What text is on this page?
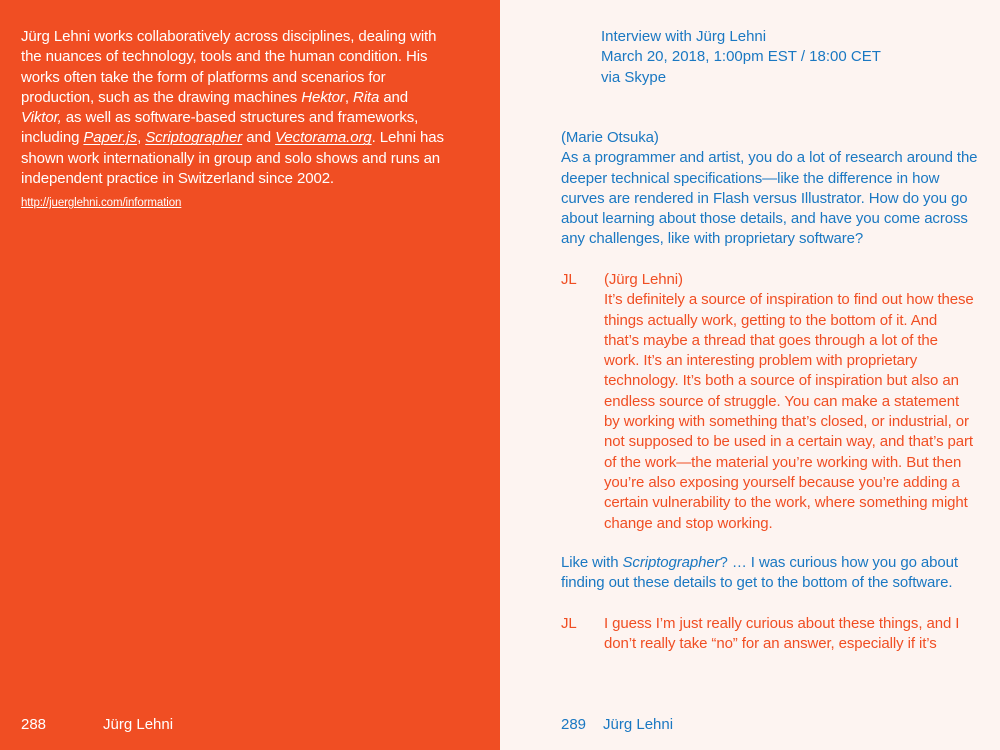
Jürg Lehni works collaboratively across disciplines, dealing with the nuances of technology, tools and the human condition. His works often take the form of platforms and scenarios for production, such as the drawing machines Hektor, Rita and Viktor, as well as software-based structures and frameworks, including Paper.js, Scriptographer and Vectorama.org. Lehni has shown work internationally in group and solo shows and runs an independent practice in Switzerland since 2002.

http://juerglehni.com/information
288	Jürg Lehni
Interview with Jürg Lehni
March 20, 2018, 1:00pm EST / 18:00 CET
via Skype

(Marie Otsuka)

As a programmer and artist, you do a lot of research around the deeper technical specifications—like the difference in how curves are rendered in Flash versus Illustrator. How do you go about learning about those details, and have you come across any challenges, like with proprietary software?

JL (Jürg Lehni)

It’s definitely a source of inspiration to find out how these things actually work, getting to the bottom of it. And that’s maybe a thread that goes through a lot of the work. It’s an interesting problem with proprietary technology. It’s both a source of inspiration but also an endless source of struggle. You can make a statement by working with something that’s closed, or industrial, or not supposed to be used in a certain way, and that’s part of the work—the material you’re working with. But then you’re also exposing yourself because you’re adding a certain vulnerability to the work, where something might change and stop working.

Like with Scriptographer? … I was curious how you go about finding out these details to get to the bottom of the software.

JL I guess I’m just really curious about these things, and I don’t really take “no” for an answer, especially if it’s

289 Jürg Lehni
